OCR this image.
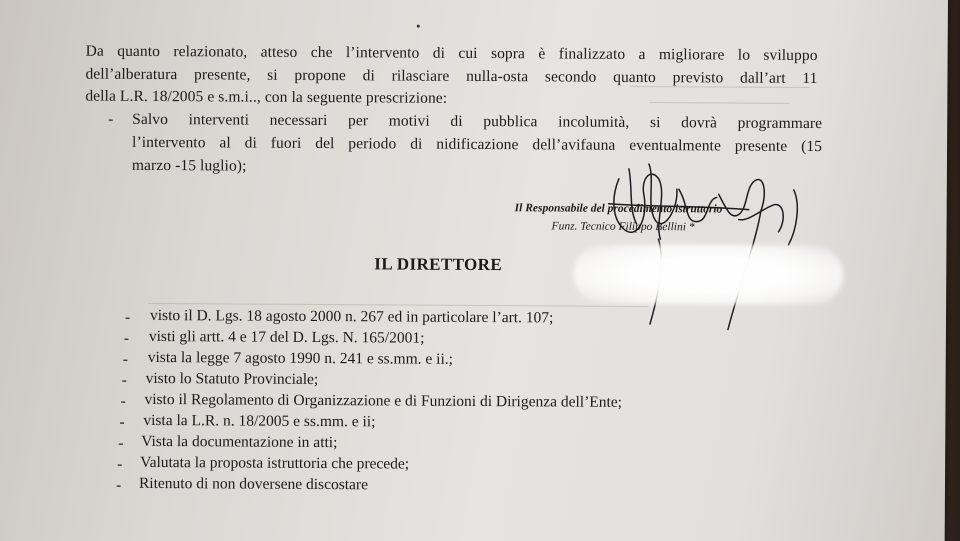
Da quanto relazionato, atteso che l’intervento di cui sopra è finalizzato a migliorare lo sviluppo
dell’alberatura presente, si propone di rilasciare nulla-osta secondo quanto previsto dall’art 11
della L.R. 18/2005 e s.m.i.., con la seguente prescrizione:
- Salvo interventi necessari per motivi di pubblica incolumità, si dovrà programmare
l’intervento al di fuori del periodo di nidificazione dell’avifauna eventualmente presente (15
marzo -15 luglio);
Il Responsabile del procedimento istruttorio
Funz. Tecnico Filippo Bellini *
IL DIRETTORE
- visto il D. Lgs. 18 agosto 2000 n. 267 ed in particolare l’art. 107;
- visti gli artt. 4 e 17 del D. Lgs. N. 165/2001;
- vista la legge 7 agosto 1990 n. 241 e ss.mm. e ii.;
- visto lo Statuto Provinciale;
- visto il Regolamento di Organizzazione e di Funzioni di Dirigenza dell’Ente;
- vista la L.R. n. 18/2005 e ss.mm. e ii;
- Vista la documentazione in atti;
- Valutata la proposta istruttoria che precede;
- Ritenuto di non doversene discostare
